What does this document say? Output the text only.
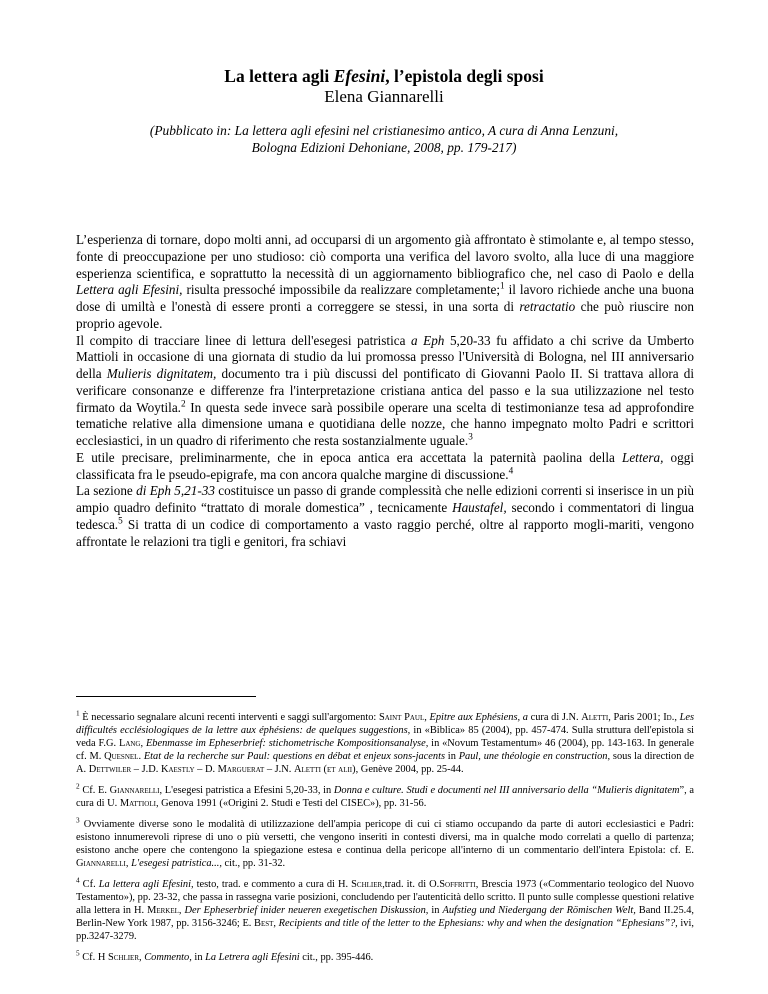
La lettera agli Efesini, l’epistola degli sposi
Elena Giannarelli
(Pubblicato in: La lettera agli efesini nel cristianesimo antico, A cura di Anna Lenzuni,
Bologna Edizioni Dehoniane, 2008, pp. 179-217)

L’esperienza di tornare, dopo molti anni, ad occuparsi di un argomento già affrontato è stimolante e, al tempo stesso, fonte di preoccupazione per uno studioso: ciò comporta una verifica del lavoro svolto, alla luce di una maggiore esperienza scientifica, e soprattutto la necessità di un aggiornamento bibliografico che, nel caso di Paolo e della Lettera agli Efesini, risulta pressoché impossibile da realizzare completamente;$^1$ il lavoro richiede anche una buona dose di umiltà e l'onestà di essere pronti a correggere se stessi, in una sorta di retractatio che può riuscire non proprio agevole.

Il compito di tracciare linee di lettura dell'esegesi patristica a Eph 5,20-33 fu affidato a chi scrive da Umberto Mattioli in occasione di una giornata di studio da lui promossa presso l'Università di Bologna, nel III anniversario della Mulieris dignitatem, documento tra i più discussi del pontificato di Giovanni Paolo II. Si trattava allora di verificare consonanze e differenze fra l'interpretazione cristiana antica del passo e la sua utilizzazione nel testo firmato da Woytila.$^2$ In questa sede invece sarà possibile operare una scelta di testimonianze tesa ad approfondire tematiche relative alla dimensione umana e quotidiana delle nozze, che hanno impegnato molto Padri e scrittori ecclesiastici, in un quadro di riferimento che resta sostanzialmente uguale.$^3$

E utile precisare, preliminarmente, che in epoca antica era accettata la paternità paolina della Lettera, oggi classificata fra le pseudo-epigrafe, ma con ancora qualche margine di discussione.$^4$

La sezione di Eph 5,21-33 costituisce un passo di grande complessità che nelle edizioni correnti si inserisce in un più ampio quadro definito “trattato di morale domestica” , tecnicamente Haustafel, secondo i commentatori di lingua tedesca.$^5$ Si tratta di un codice di comportamento a vasto raggio perché, oltre al rapporto mogli-mariti, vengono affrontate le relazioni tra tigli e genitori, fra schiavi

$^1$ È necessario segnalare alcuni recenti interventi e saggi sull'argomento: Saint Paul, Epitre aux Ephésiens, a cura di J.N. Aletti, Paris 2001; Id., Les difficultés ecclésiologiques de la lettre aux éphésiens: de quelques suggestions, in «Biblica» 85 (2004), pp. 457-474. Sulla struttura dell'epistola si veda F.G. Lang, Ebenmasse im Epheserbrief: stichometrische Kompositionsanalyse, in «Novum Testamentum» 46 (2004), pp. 143-163. In generale cf. M. Quesnel. Etat de la recherche sur Paul: questions en débat et enjeux sons-jacents in Paul, une théologie en construction, sous la direction de A. Dettwiler – J.D. Kaestly – D. Marguerat – J.N. Aletti (et alii), Genève 2004, pp. 25-44.

$^2$ Cf. E. Giannarelli, L'esegesi patristica a Efesini 5,20-33, in Donna e culture. Studi e documenti nel III anniversario della “Mulieris dignitatem”, a cura di U. Mattioli, Genova 1991 («Origini 2. Studi e Testi del CISEC»), pp. 31-56.

$^3$ Ovviamente diverse sono le modalità di utilizzazione dell'ampia pericope di cui ci stiamo occupando da parte di autori ecclesiastici e Padri: esistono innumerevoli riprese di uno o più versetti, che vengono inseriti in contesti diversi, ma in qualche modo correlati a quello di partenza; esistono anche opere che contengono la spiegazione estesa e continua della pericope all'interno di un commentario dell'intera Epistola: cf. E. Giannarelli, L'esegesi patristica..., cit., pp. 31-32.

$^4$ Cf. La lettera agli Efesini, testo, trad. e commento a cura di H. Schlier,trad. it. di O.Soffritti, Brescia 1973 («Commentario teologico del Nuovo Testamento»), pp. 23-32, che passa in rassegna varie posizioni, concludendo per l'autenticità dello scritto. Il punto sulle complesse questioni relative alla lettera in H. Merkel, Der Epheserbrief inider neueren exegetischen Diskussion, in Aufstieg und Niedergang der Römischen Welt, Band II.25.4, Berlin-New York 1987, pp. 3156-3246; E. Best, Recipients and title of the letter to the Ephesians: why and when the designation “Ephesians”?, ivi, pp.3247-3279.

$^5$ Cf. H Schlier, Commento, in La Letrera agli Efesini cit., pp. 395-446.
